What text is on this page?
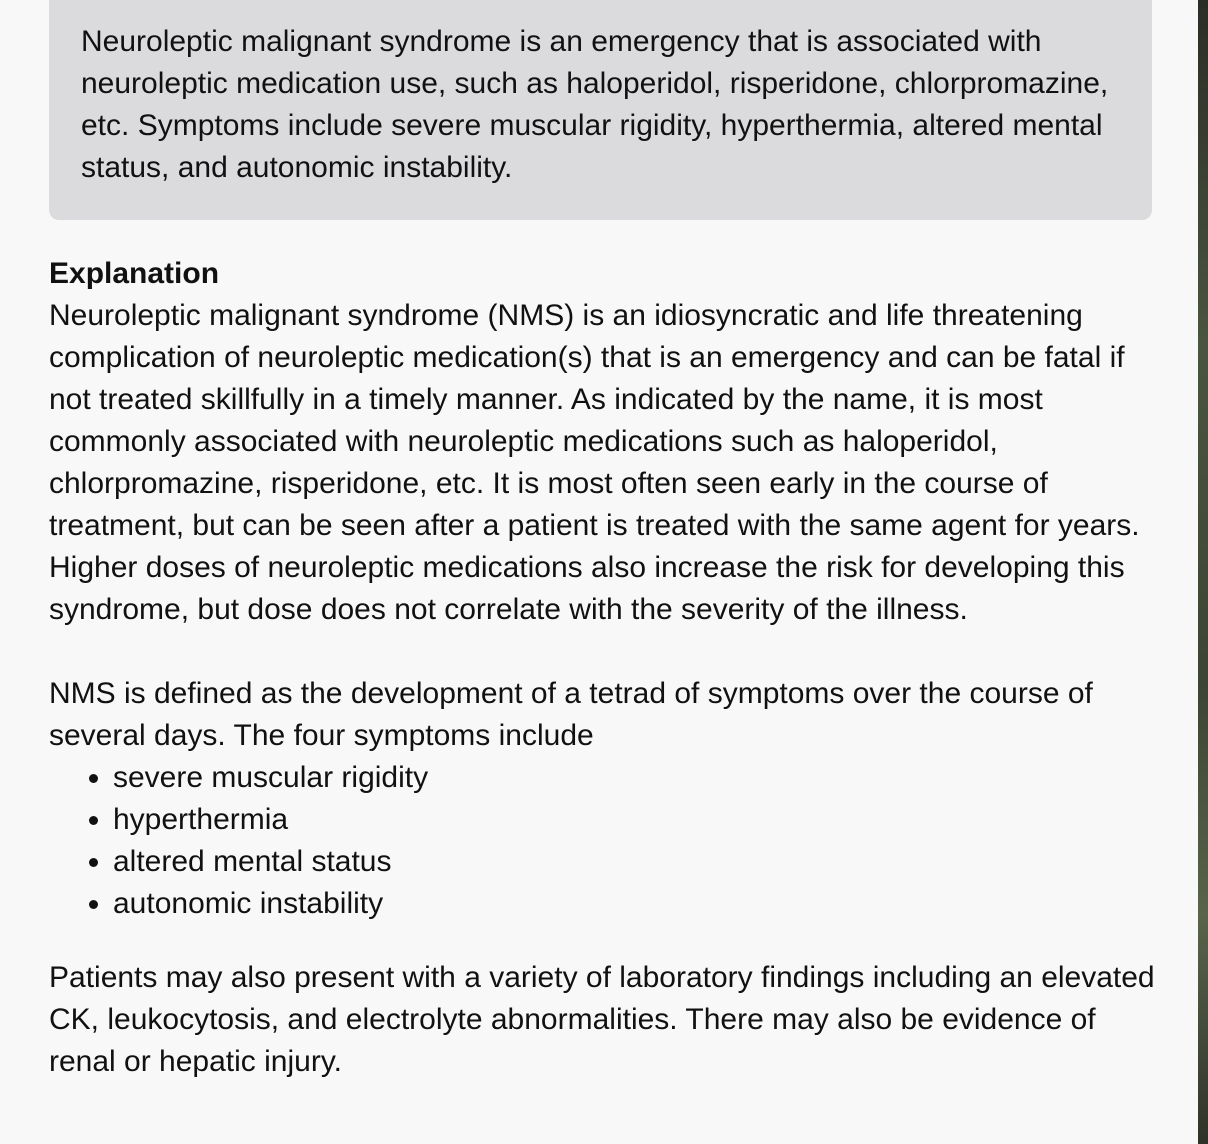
Neuroleptic malignant syndrome is an emergency that is associated with neuroleptic medication use, such as haloperidol, risperidone, chlorpromazine, etc. Symptoms include severe muscular rigidity, hyperthermia, altered mental status, and autonomic instability.
Explanation

Neuroleptic malignant syndrome (NMS) is an idiosyncratic and life threatening complication of neuroleptic medication(s) that is an emergency and can be fatal if not treated skillfully in a timely manner. As indicated by the name, it is most commonly associated with neuroleptic medications such as haloperidol, chlorpromazine, risperidone, etc. It is most often seen early in the course of treatment, but can be seen after a patient is treated with the same agent for years. Higher doses of neuroleptic medications also increase the risk for developing this syndrome, but dose does not correlate with the severity of the illness.

NMS is defined as the development of a tetrad of symptoms over the course of several days. The four symptoms include

• severe muscular rigidity
• hyperthermia
• altered mental status
• autonomic instability

Patients may also present with a variety of laboratory findings including an elevated CK, leukocytosis, and electrolyte abnormalities. There may also be evidence of renal or hepatic injury.
